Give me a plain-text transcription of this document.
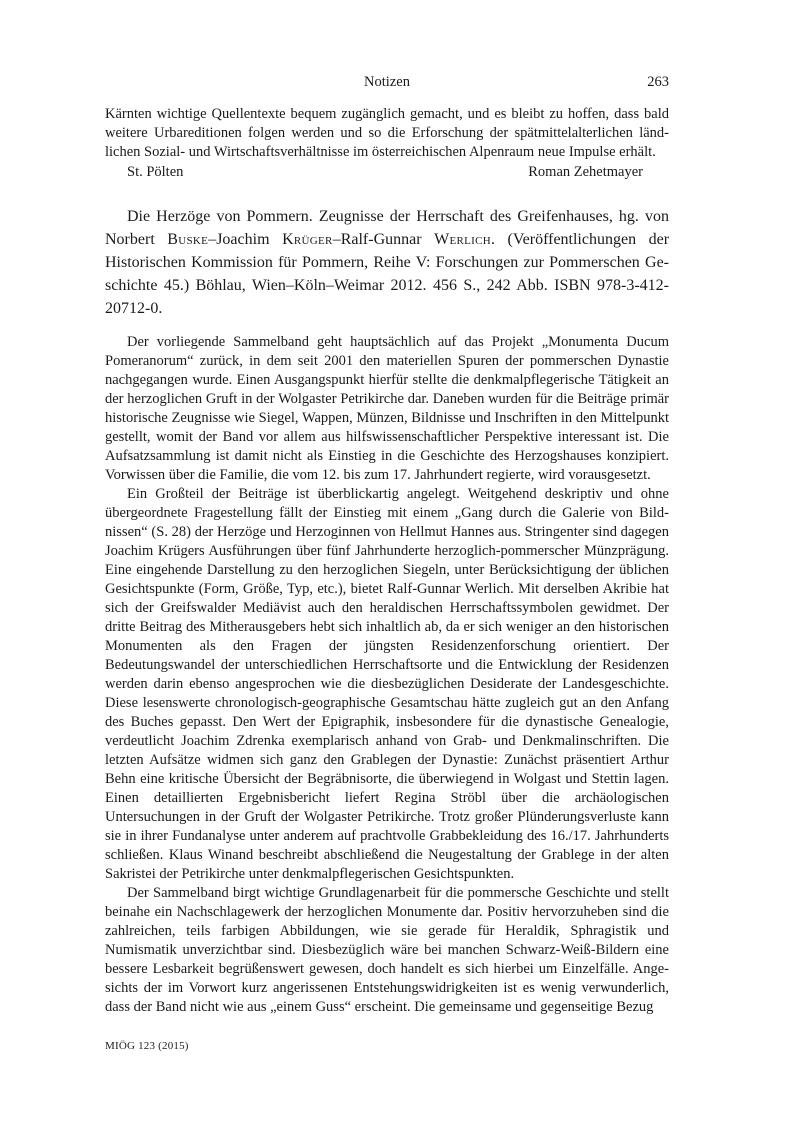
Notizen	263

Kärnten wichtige Quellentexte bequem zugänglich gemacht, und es bleibt zu hoffen, dass bald weitere Urbareditionen folgen werden und so die Erforschung der spätmittelalterlichen ländlichen Sozial- und Wirtschaftsverhältnisse im österreichischen Alpenraum neue Impulse erhält.

St. Pölten	Roman Zehetmayer

Die Herzöge von Pommern. Zeugnisse der Herrschaft des Greifenhauses, hg. von Norbert Buske–Joachim Krüger–Ralf-Gunnar Werlich. (Veröffentlichungen der Historischen Kommission für Pommern, Reihe V: Forschungen zur Pommerschen Geschichte 45.) Böhlau, Wien–Köln–Weimar 2012. 456 S., 242 Abb. ISBN 978-3-412-20712-0.

Der vorliegende Sammelband geht hauptsächlich auf das Projekt „Monumenta Ducum Pomeranorum“ zurück, in dem seit 2001 den materiellen Spuren der pommerschen Dynastie nachgegangen wurde. Einen Ausgangspunkt hierfür stellte die denkmalpflegerische Tätigkeit an der herzoglichen Gruft in der Wolgaster Petrikirche dar. Daneben wurden für die Beiträge primär historische Zeugnisse wie Siegel, Wappen, Münzen, Bildnisse und Inschriften in den Mittelpunkt gestellt, womit der Band vor allem aus hilfswissenschaftlicher Perspektive interessant ist. Die Aufsatzsammlung ist damit nicht als Einstieg in die Geschichte des Herzogshauses konzipiert. Vorwissen über die Familie, die vom 12. bis zum 17. Jahrhundert regierte, wird vorausgesetzt.

Ein Großteil der Beiträge ist überblickartig angelegt. Weitgehend deskriptiv und ohne übergeordnete Fragestellung fällt der Einstieg mit einem „Gang durch die Galerie von Bildnissen“ (S. 28) der Herzöge und Herzoginnen von Hellmut Hannes aus. Stringenter sind dagegen Joachim Krügers Ausführungen über fünf Jahrhunderte herzoglich-pommerscher Münzprägung. Eine eingehende Darstellung zu den herzoglichen Siegeln, unter Berücksichtigung der üblichen Gesichtspunkte (Form, Größe, Typ, etc.), bietet Ralf-Gunnar Werlich. Mit derselben Akribie hat sich der Greifswalder Mediävist auch den heraldischen Herrschaftssymbolen gewidmet. Der dritte Beitrag des Mitherausgebers hebt sich inhaltlich ab, da er sich weniger an den historischen Monumenten als den Fragen der jüngsten Residenzenforschung orientiert. Der Bedeutungswandel der unterschiedlichen Herrschaftsorte und die Entwicklung der Residenzen werden darin ebenso angesprochen wie die diesbezüglichen Desiderate der Landesgeschichte. Diese lesenswerte chronologisch-geographische Gesamtschau hätte zugleich gut an den Anfang des Buches gepasst. Den Wert der Epigraphik, insbesondere für die dynastische Genealogie, verdeutlicht Joachim Zdrenka exemplarisch anhand von Grab- und Denkmalinschriften. Die letzten Aufsätze widmen sich ganz den Grablegen der Dynastie: Zunächst präsentiert Arthur Behn eine kritische Übersicht der Begräbnisorte, die überwiegend in Wolgast und Stettin lagen. Einen detaillierten Ergebnisbericht liefert Regina Ströbl über die archäologischen Untersuchungen in der Gruft der Wolgaster Petrikirche. Trotz großer Plünderungsverluste kann sie in ihrer Fundanalyse unter anderem auf prachtvolle Grabbekleidung des 16./17. Jahrhunderts schließen. Klaus Winand beschreibt abschließend die Neugestaltung der Grablege in der alten Sakristei der Petrikirche unter denkmalpflegerischen Gesichtspunkten.

Der Sammelband birgt wichtige Grundlagenarbeit für die pommersche Geschichte und stellt beinahe ein Nachschlagewerk der herzoglichen Monumente dar. Positiv hervorzuheben sind die zahlreichen, teils farbigen Abbildungen, wie sie gerade für Heraldik, Sphragistik und Numismatik unverzichtbar sind. Diesbezüglich wäre bei manchen Schwarz-Weiß-Bildern eine bessere Lesbarkeit begrüßenswert gewesen, doch handelt es sich hierbei um Einzelfälle. Angesichts der im Vorwort kurz angerissenen Entstehungswidrigkeiten ist es wenig verwunderlich, dass der Band nicht wie aus „einem Guss“ erscheint. Die gemeinsame und gegenseitige Bezug

MIÖG 123 (2015)
